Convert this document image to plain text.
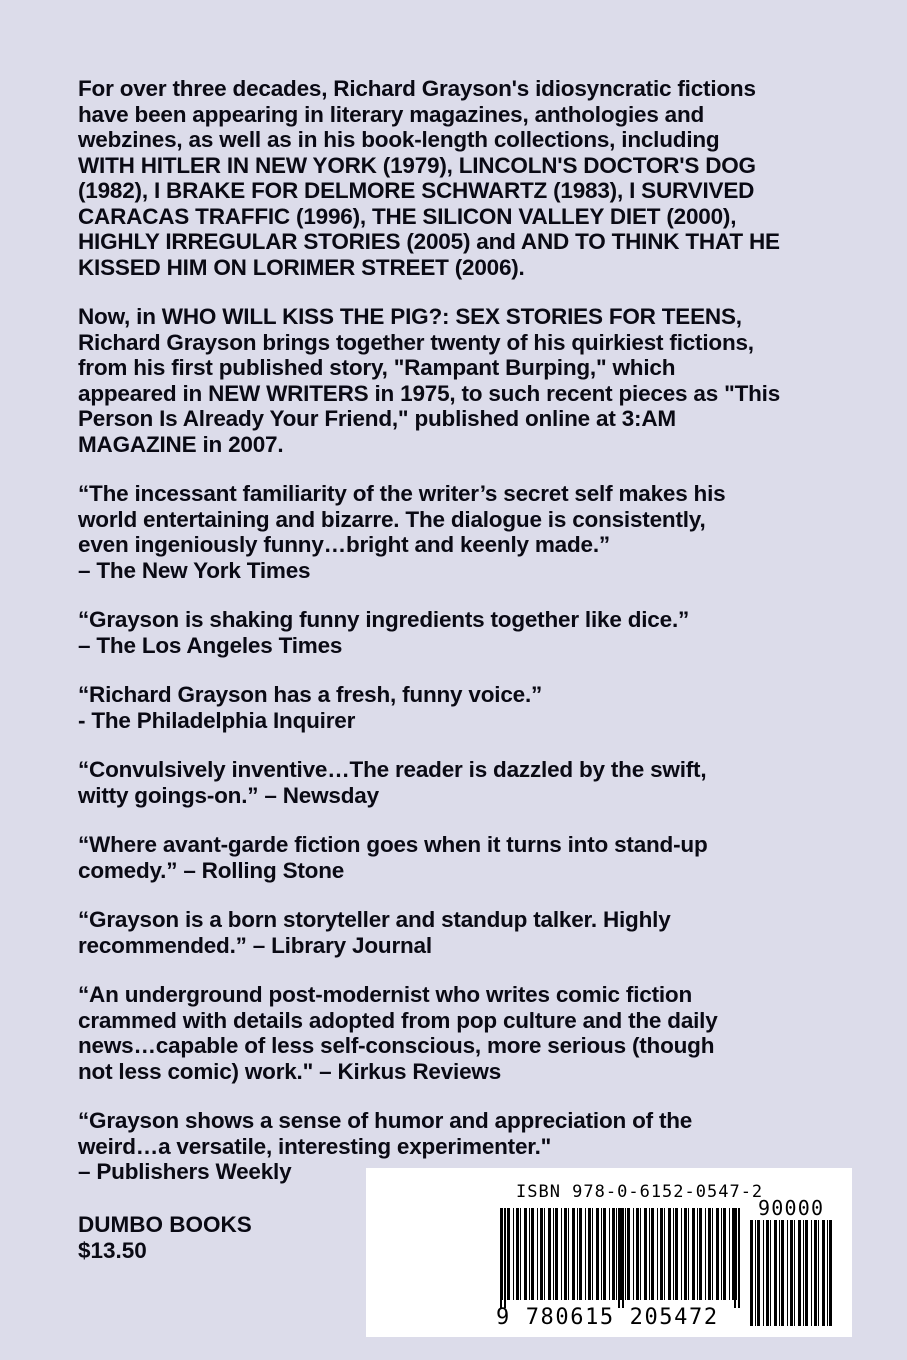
For over three decades, Richard Grayson's idiosyncratic fictions
have been appearing in literary magazines, anthologies and
webzines, as well as in his book-length collections, including
WITH HITLER IN NEW YORK (1979), LINCOLN'S DOCTOR'S DOG
(1982), I BRAKE FOR DELMORE SCHWARTZ (1983), I SURVIVED
CARACAS TRAFFIC (1996), THE SILICON VALLEY DIET (2000),
HIGHLY IRREGULAR STORIES (2005) and AND TO THINK THAT HE
KISSED HIM ON LORIMER STREET (2006).

Now, in WHO WILL KISS THE PIG?: SEX STORIES FOR TEENS,
Richard Grayson brings together twenty of his quirkiest fictions,
from his first published story, "Rampant Burping," which
appeared in NEW WRITERS in 1975, to such recent pieces as "This
Person Is Already Your Friend," published online at 3:AM
MAGAZINE in 2007.

“The incessant familiarity of the writer’s secret self makes his
world entertaining and bizarre. The dialogue is consistently,
even ingeniously funny…bright and keenly made.”
– The New York Times

“Grayson is shaking funny ingredients together like dice.”
– The Los Angeles Times

“Richard Grayson has a fresh, funny voice.”
- The Philadelphia Inquirer

“Convulsively inventive…The reader is dazzled by the swift,
witty goings-on.” – Newsday

“Where avant-garde fiction goes when it turns into stand-up
comedy.” – Rolling Stone

“Grayson is a born storyteller and standup talker. Highly
recommended.” – Library Journal

“An underground post-modernist who writes comic fiction
crammed with details adopted from pop culture and the daily
news…capable of less self-conscious, more serious (though
not less comic) work." – Kirkus Reviews

“Grayson shows a sense of humor and appreciation of the
weird…a versatile, interesting experimenter."
– Publishers Weekly

DUMBO BOOKS
$13.50
ISBN 978-0-6152-0547-2
90000
9 780615 205472
